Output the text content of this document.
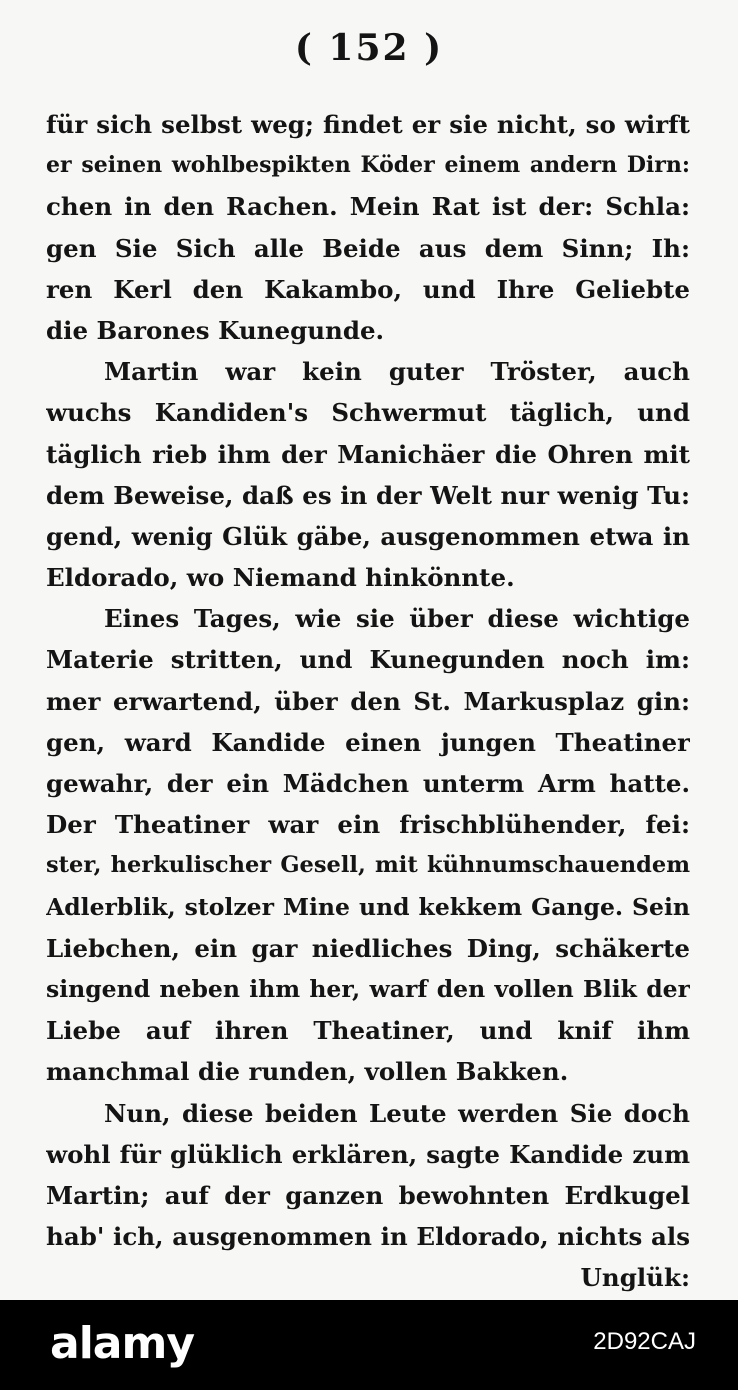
( 152 )
für sich selbst weg; findet er sie nicht, so wirft
er seinen wohlbespikten Köder einem andern Dirn:
chen in den Rachen. Mein Rat ist der: Schla:
gen Sie Sich alle Beide aus dem Sinn; Ih:
ren Kerl den Kakambo, und Ihre Geliebte
die Barones Kunegunde.
Martin war kein guter Tröster, auch
wuchs Kandiden's Schwermut täglich, und
täglich rieb ihm der Manichäer die Ohren mit
dem Beweise, daß es in der Welt nur wenig Tu:
gend, wenig Glük gäbe, ausgenommen etwa in
Eldorado, wo Niemand hinkönnte.
Eines Tages, wie sie über diese wichtige
Materie stritten, und Kunegunden noch im:
mer erwartend, über den St. Markusplaz gin:
gen, ward Kandide einen jungen Theatiner
gewahr, der ein Mädchen unterm Arm hatte.
Der Theatiner war ein frischblühender, fei:
ster, herkulischer Gesell, mit kühnumschauendem
Adlerblik, stolzer Mine und kekkem Gange. Sein
Liebchen, ein gar niedliches Ding, schäkerte
singend neben ihm her, warf den vollen Blik der
Liebe auf ihren Theatiner, und knif ihm
manchmal die runden, vollen Bakken.
Nun, diese beiden Leute werden Sie doch
wohl für glüklich erklären, sagte Kandide zum
Martin; auf der ganzen bewohnten Erdkugel
hab' ich, ausgenommen in Eldorado, nichts als
Unglük:
alamy	2D92CAJ
